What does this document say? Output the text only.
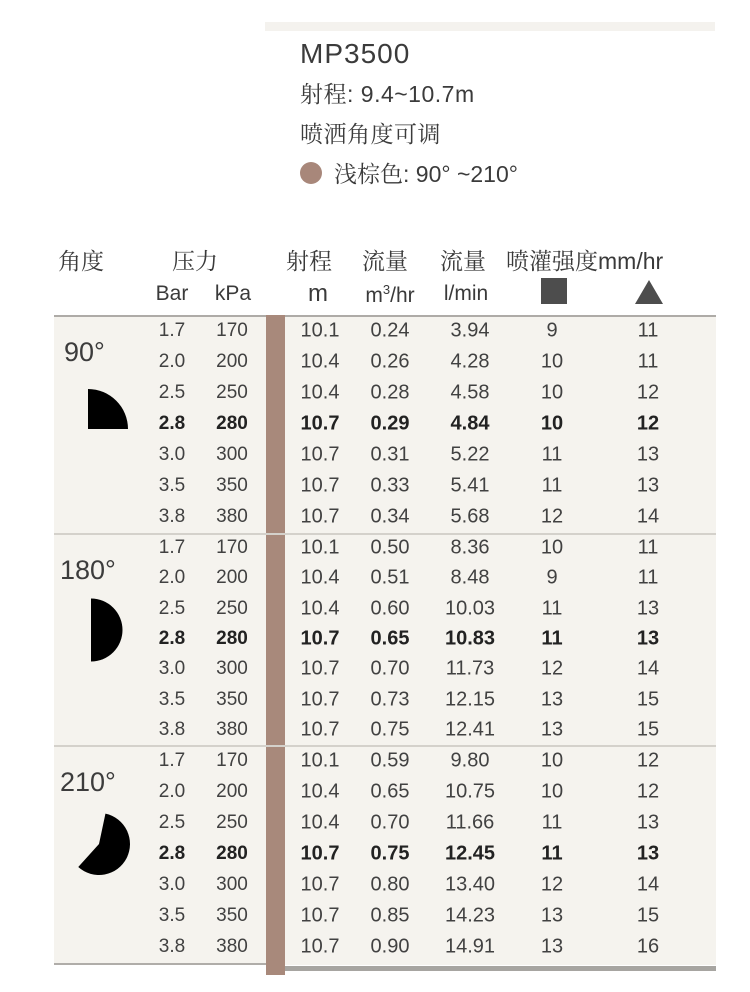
MP3500
射程: 9.4~10.7m
喷洒角度可调
浅棕色: 90° ~210°
角度	压力	射程 流量 流量 喷灌强度mm/hr
Bar	kPa	m	$m^3/hr$	l/min
90°
1.7	170	10.1	0.24	3.94	9	11
2.0	200	10.4	0.26	4.28	10	11
2.5	250	10.4	0.28	4.58	10	12
2.8	280	10.7	0.29	4.84	10	12
3.0	300	10.7	0.31	5.22	11	13
3.5	350	10.7	0.33	5.41	11	13
3.8	380	10.7	0.34	5.68	12	14
180°
1.7	170	10.1	0.50	8.36	10	11
2.0	200	10.4	0.51	8.48	9	11
2.5	250	10.4	0.60	10.03	11	13
2.8	280	10.7	0.65	10.83	11	13
3.0	300	10.7	0.70	11.73	12	14
3.5	350	10.7	0.73	12.15	13	15
3.8	380	10.7	0.75	12.41	13	15
210°
1.7	170	10.1	0.59	9.80	10	12
2.0	200	10.4	0.65	10.75	10	12
2.5	250	10.4	0.70	11.66	11	13
2.8	280	10.7	0.75	12.45	11	13
3.0	300	10.7	0.80	13.40	12	14
3.5	350	10.7	0.85	14.23	13	15
3.8	380	10.7	0.90	14.91	13	16
